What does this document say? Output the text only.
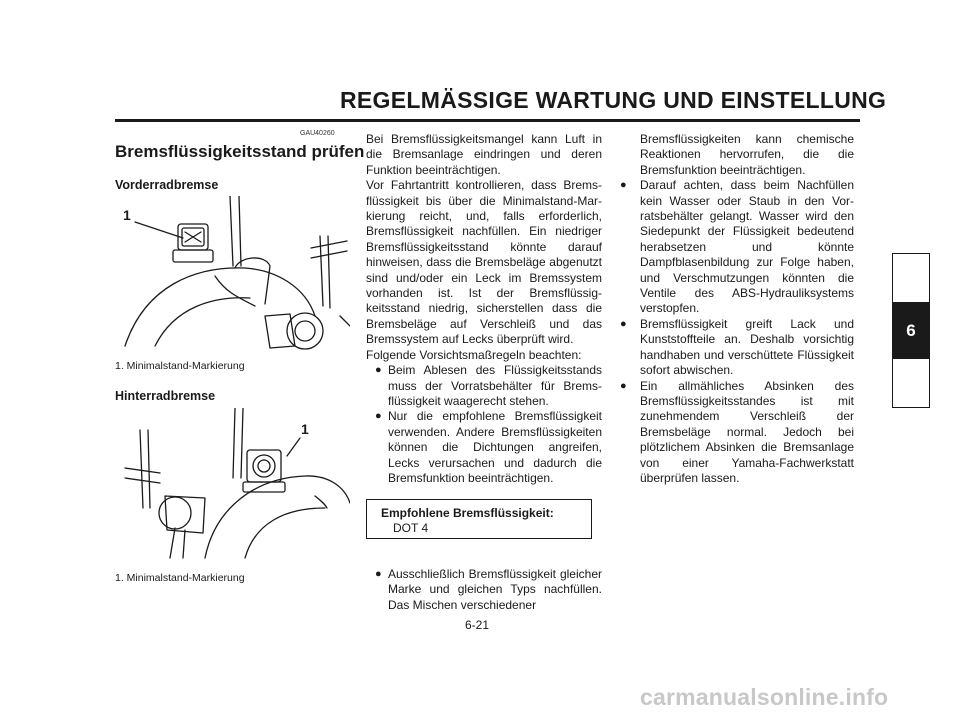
REGELMÄSSIGE WARTUNG UND EINSTELLUNG
GAU40260
Bremsflüssigkeitsstand prüfen
Vorderradbremse
1
1. Minimalstand-Markierung
Hinterradbremse
1
1. Minimalstand-Markierung

Bei Bremsflüssigkeitsmangel kann Luft in die Bremsanlage eindringen und deren Funktion beeinträchtigen.

Vor Fahrtantritt kontrollieren, dass Bremsflüssigkeit bis über die Minimalstand-Markierung reicht, und, falls erforderlich, Bremsflüssigkeit nachfüllen. Ein niedriger Bremsflüssigkeitsstand könnte darauf hinweisen, dass die Bremsbeläge abgenutzt sind und/oder ein Leck im Bremssystem vorhanden ist. Ist der Bremsflüssigkeitsstand niedrig, sicherstellen dass die Bremsbeläge auf Verschleiß und das Bremssystem auf Lecks überprüft wird.

Folgende Vorsichtsmaßregeln beachten:

● Beim Ablesen des Flüssigkeitsstands muss der Vorratsbehälter für Bremsflüssigkeit waagerecht stehen.
● Nur die empfohlene Bremsflüssigkeit verwenden. Andere Bremsflüssigkeiten können die Dichtungen angreifen, Lecks verursachen und dadurch die Bremsfunktion beeinträchtigen.
Empfohlene Bremsflüssigkeit:
DOT 4
● Ausschließlich Bremsflüssigkeit gleicher Marke und gleichen Typs nachfüllen. Das Mischen verschiedener
Bremsflüssigkeiten kann chemische Reaktionen hervorrufen, die die Bremsfunktion beeinträchtigen.
● Darauf achten, dass beim Nachfüllen kein Wasser oder Staub in den Vorratsbehälter gelangt. Wasser wird den Siedepunkt der Flüssigkeit bedeutend herabsetzen und könnte Dampfblasenbildung zur Folge haben, und Verschmutzungen könnten die Ventile des ABS-Hydrauliksystems verstopfen.
● Bremsflüssigkeit greift Lack und Kunststoffteile an. Deshalb vorsichtig handhaben und verschüttete Flüssigkeit sofort abwischen.
● Ein allmähliches Absinken des Bremsflüssigkeitsstandes ist mit zunehmendem Verschleiß der Bremsbeläge normal. Jedoch bei plötzlichem Absinken die Bremsanlage von einer Yamaha-Fachwerkstatt überprüfen lassen.
6-21
6
carmanualsonline.info
